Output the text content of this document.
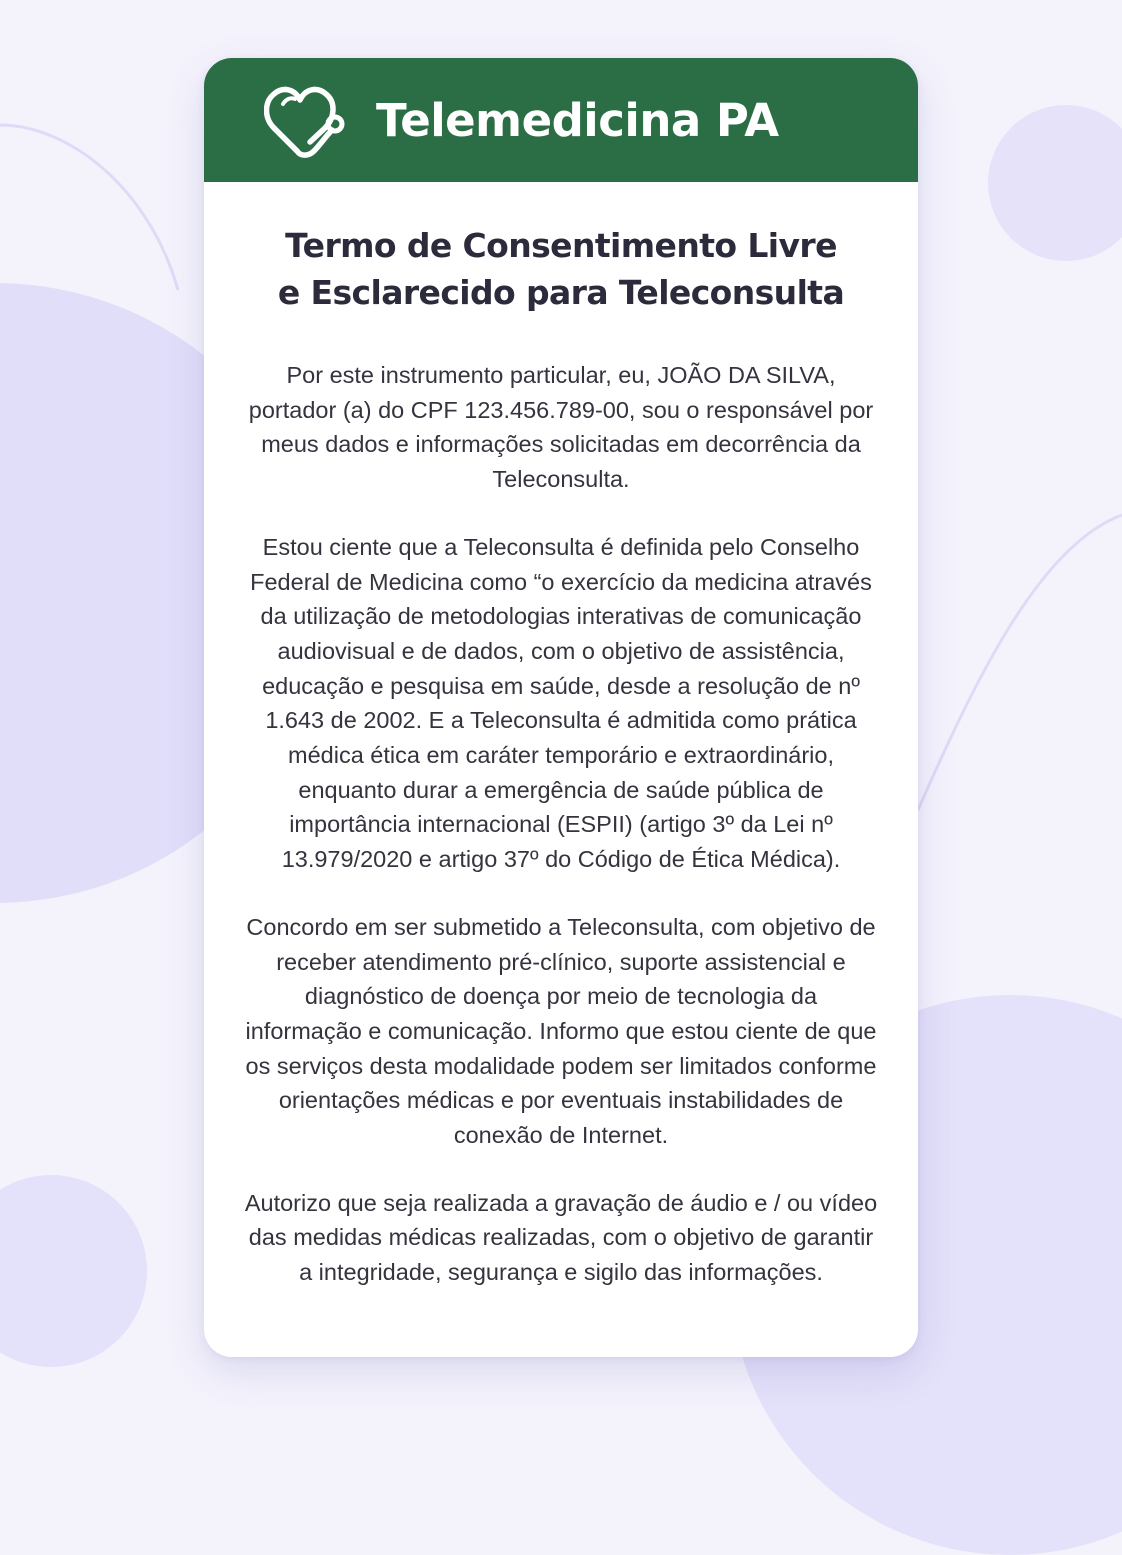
Telemedicina PA
Termo de Consentimento Livre
e Esclarecido para Teleconsulta

Por este instrumento particular, eu, JOÃO DA SILVA, portador (a) do CPF 123.456.789-00, sou o responsável por meus dados e informações solicitadas em decorrência da Teleconsulta.

Estou ciente que a Teleconsulta é definida pelo Conselho Federal de Medicina como “o exercício da medicina através da utilização de metodologias interativas de comunicação audiovisual e de dados, com o objetivo de assistência, educação e pesquisa em saúde, desde a resolução de nº 1.643 de 2002. E a Teleconsulta é admitida como prática médica ética em caráter temporário e extraordinário, enquanto durar a emergência de saúde pública de importância internacional (ESPII) (artigo 3º da Lei nº 13.979/2020 e artigo 37º do Código de Ética Médica).

Concordo em ser submetido a Teleconsulta, com objetivo de receber atendimento pré-clínico, suporte assistencial e diagnóstico de doença por meio de tecnologia da informação e comunicação. Informo que estou ciente de que os serviços desta modalidade podem ser limitados conforme orientações médicas e por eventuais instabilidades de conexão de Internet.

Autorizo que seja realizada a gravação de áudio e / ou vídeo das medidas médicas realizadas, com o objetivo de garantir a integridade, segurança e sigilo das informações.
